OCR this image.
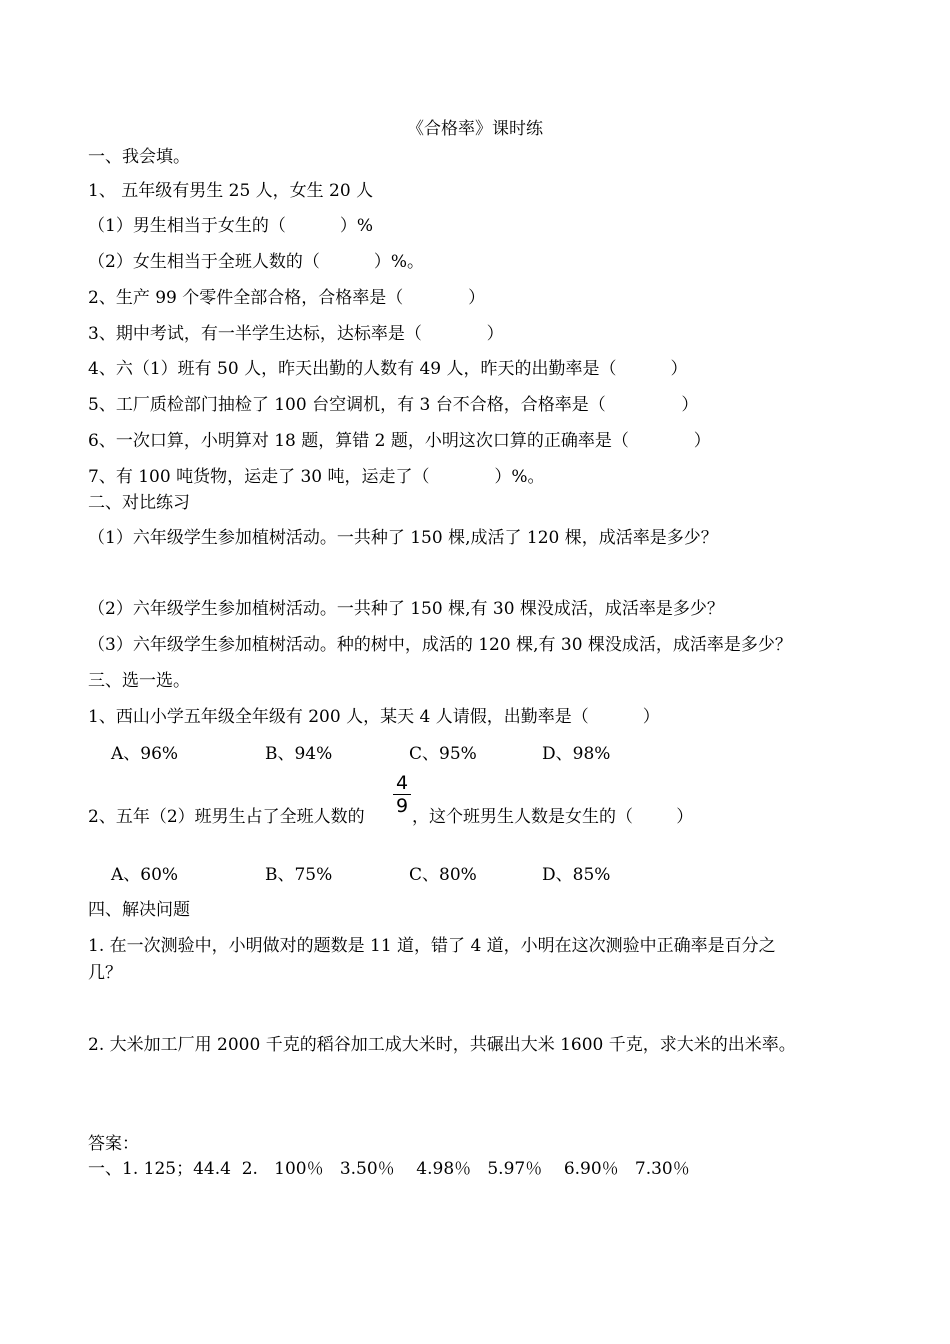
《合格率》课时练
一、我会填。
1、 五年级有男生 25 人，女生 20 人
（1）男生相当于女生的（          ）%
（2）女生相当于全班人数的（          ）%。
2、生产 99 个零件全部合格，合格率是（            ）
3、期中考试，有一半学生达标，达标率是（            ）
4、六（1）班有 50 人，昨天出勤的人数有 49 人，昨天的出勤率是（          ）
5、工厂质检部门抽检了 100 台空调机，有 3 台不合格，合格率是（              ）
6、一次口算，小明算对 18 题，算错 2 题，小明这次口算的正确率是（            ）
7、有 100 吨货物，运走了 30 吨，运走了（            ）%。
二、对比练习
（1）六年级学生参加植树活动。一共种了 150 棵,成活了 120 棵，成活率是多少？
（2）六年级学生参加植树活动。一共种了 150 棵,有 30 棵没成活，成活率是多少？
（3）六年级学生参加植树活动。种的树中，成活的 120 棵,有 30 棵没成活，成活率是多少？
三、选一选。
1、西山小学五年级全年级有 200 人，某天 4 人请假，出勤率是（          ）
A、96%	B、94%	C、95%	D、98%
2、五年（2）班男生占了全班人数的
4
9 ，这个班男生人数是女生的（        ）
A、60%	B、75%	C、80%	D、85%
四、解决问题
1. 在一次测验中，小明做对的题数是 11 道，错了 4 道，小明在这次测验中正确率是百分之
几？
2. 大米加工厂用 2000 千克的稻谷加工成大米时，共碾出大米 1600 千克，求大米的出米率。
答案：
一、1. 125；44.4  2.   100％   3.50％    4.98％   5.97％    6.90％   7.30％
